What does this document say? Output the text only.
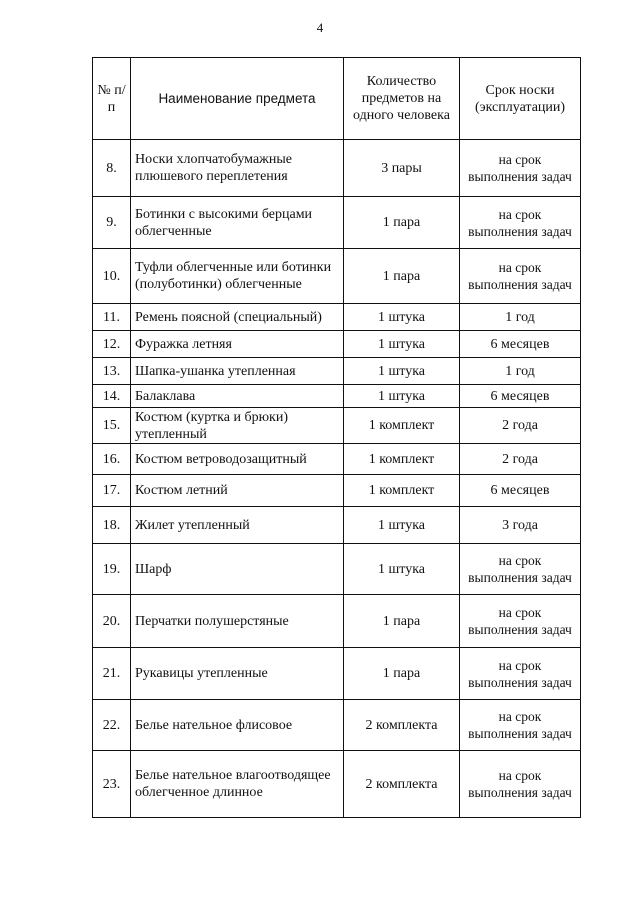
4
№ п/п	Наименование предмета	Количество предметов на одного человека	Срок носки (эксплуатации)
8.	Носки хлопчатобумажные плюшевого переплетения	3 пары	на срок выполнения задач
9.	Ботинки с высокими берцами облегченные	1 пара	на срок выполнения задач
10.	Туфли облегченные или ботинки (полуботинки) облегченные	1 пара	на срок выполнения задач
11.	Ремень поясной (специальный)	1 штука	1 год
12.	Фуражка летняя	1 штука	6 месяцев
13.	Шапка-ушанка утепленная	1 штука	1 год
14.	Балаклава	1 штука	6 месяцев
15.	Костюм (куртка и брюки) утепленный	1 комплект	2 года
16.	Костюм ветроводозащитный	1 комплект	2 года
17.	Костюм летний	1 комплект	6 месяцев
18.	Жилет утепленный	1 штука	3 года
19.	Шарф	1 штука	на срок выполнения задач
20.	Перчатки полушерстяные	1 пара	на срок выполнения задач
21.	Рукавицы утепленные	1 пара	на срок выполнения задач
22.	Белье нательное флисовое	2 комплекта	на срок выполнения задач
23.	Белье нательное влагоотводящее облегченное длинное	2 комплекта	на срок выполнения задач
